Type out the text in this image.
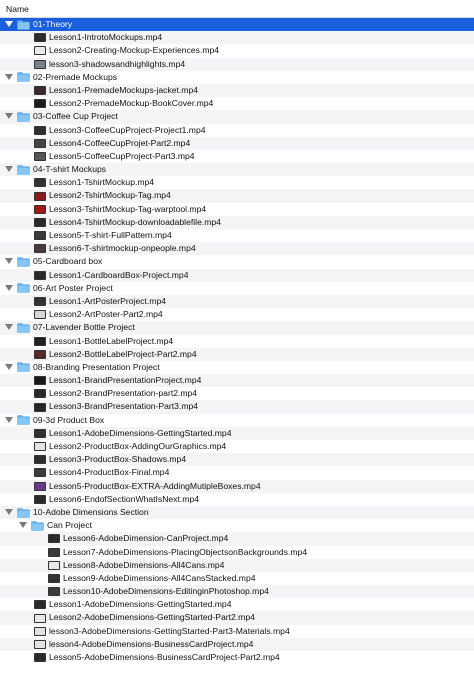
Name
01-Theory
Lesson1-IntrotoMockups.mp4
Lesson2-Creating-Mockup-Experiences.mp4
lesson3-shadowsandhighlights.mp4
02-Premade Mockups
Lesson1-PremadeMockups-jacket.mp4
Lesson2-PremadeMockup-BookCover.mp4
03-Coffee Cup Project
Lesson3-CoffeeCupProject-Project1.mp4
Lesson4-CoffeeCupProjet-Part2.mp4
Lesson5-CoffeeCupProject-Part3.mp4
04-T-shirt Mockups
Lesson1-TshirtMockup.mp4
Lesson2-TshirtMockup-Tag.mp4
Lesson3-TshirtMockup-Tag-warptool.mp4
Lesson4-TshirtMockup-downloadablefile.mp4
Lesson5-T-shirt-FullPattern.mp4
Lesson6-T-shirtmockup-onpeople.mp4
05-Cardboard box
Lesson1-CardboardBox-Project.mp4
06-Art Poster Project
Lesson1-ArtPosterProject.mp4
Lesson2-ArtPoster-Part2.mp4
07-Lavender Bottle Project
Lesson1-BottleLabelProject.mp4
Lesson2-BottleLabelProject-Part2.mp4
08-Branding Presentation Project
Lesson1-BrandPresentationProject.mp4
Lesson2-BrandPresentation-part2.mp4
Lesson3-BrandPresentation-Part3.mp4
09-3d Product Box
Lesson1-AdobeDimensions-GettingStarted.mp4
Lesson2-ProductBox-AddingOurGraphics.mp4
Lesson3-ProductBox-Shadows.mp4
Lesson4-ProductBox-Final.mp4
Lesson5-ProductBox-EXTRA-AddingMutipleBoxes.mp4
Lesson6-EndofSectionWhatIsNext.mp4
10-Adobe Dimensions Section
Can Project
Lesson6-AdobeDimension-CanProject.mp4
Lesson7-AdobeDimensions-PlacingObjectsonBackgrounds.mp4
Lesson8-AdobeDimensions-All4Cans.mp4
Lesson9-AdobeDimensions-All4CansStacked.mp4
Lesson10-AdobeDimensions-EditinginPhotoshop.mp4
Lesson1-AdobeDimensions-GettingStarted.mp4
Lesson2-AdobeDimensions-GettingStarted-Part2.mp4
lesson3-AdobeDimensions-GettingStarted-Part3-Materials.mp4
lesson4-AdobeDimensions-BusinessCardProject.mp4
Lesson5-AdobeDimensions-BusinessCardProject-Part2.mp4
